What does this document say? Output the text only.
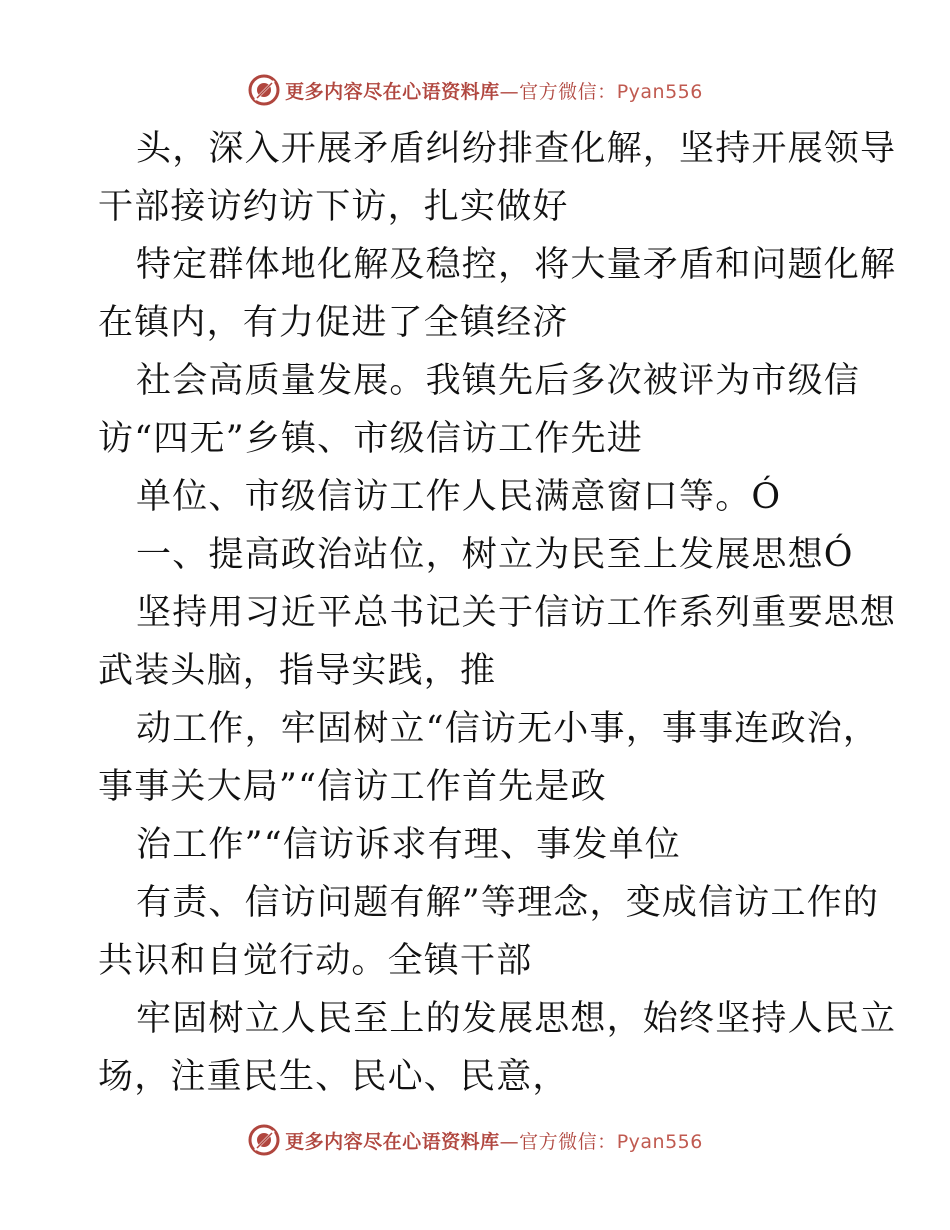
更多内容尽在心语资料库—官方微信：Pyan556
头，深入开展矛盾纠纷排查化解，坚持开展领导
干部接访约访下访，扎实做好
特定群体地化解及稳控，将大量矛盾和问题化解
在镇内，有力促进了全镇经济
社会高质量发展。我镇先后多次被评为市级信
访“四无”乡镇、市级信访工作先进
单位、市级信访工作人民满意窗口等。Ó
一、提高政治站位，树立为民至上发展思想Ó
坚持用习近平总书记关于信访工作系列重要思想
武装头脑，指导实践，推
动工作，牢固树立“信访无小事，事事连政治，
事事关大局”“信访工作首先是政
治工作”“信访诉求有理、事发单位
有责、信访问题有解”等理念，变成信访工作的
共识和自觉行动。全镇干部
牢固树立人民至上的发展思想，始终坚持人民立
场，注重民生、民心、民意，
更多内容尽在心语资料库—官方微信：Pyan556
